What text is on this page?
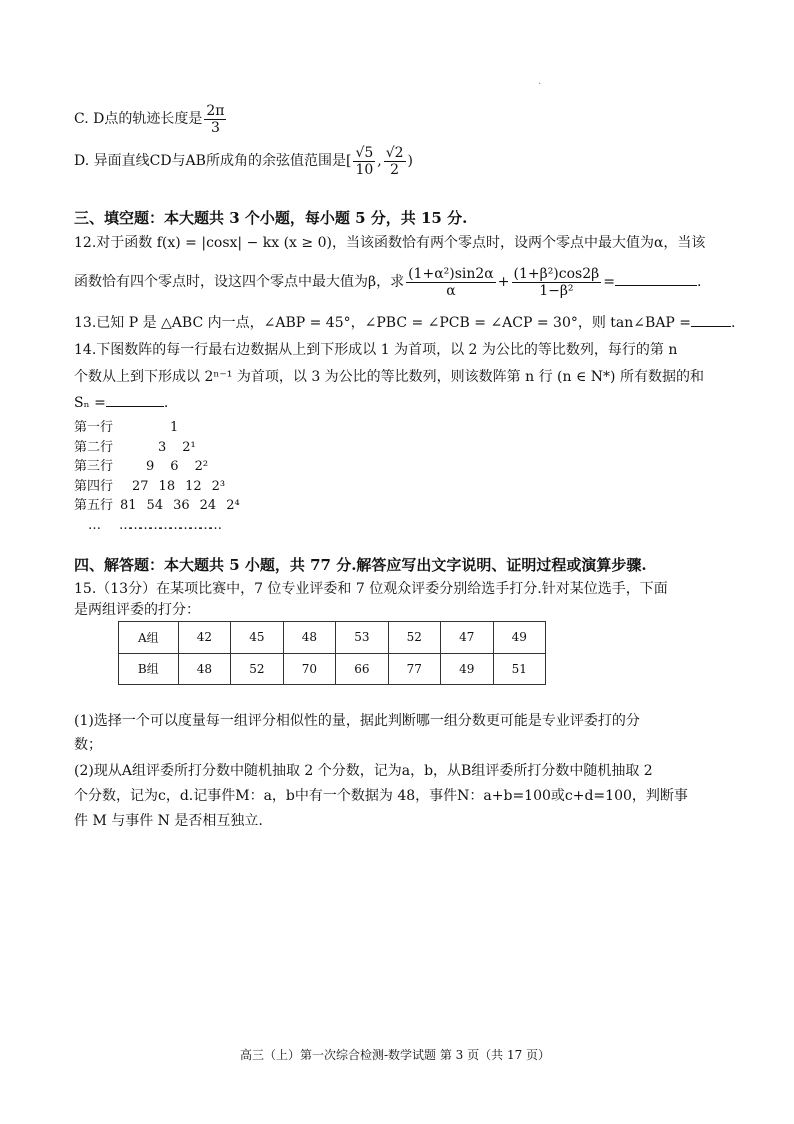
.
C. D点的轨迹长度是 $\frac{2\pi}{3}$
D. 异面直线CD与AB所成角的余弦值范围是[ $\frac{√5}{10}$ , $\frac{√2}{2}$ )
三、填空题：本大题共 3 个小题，每小题 5 分，共 15 分.
12.对于函数 f(x) = |cosx| − kx (x ≥ 0)，当该函数恰有两个零点时，设两个零点中最大值为α，当该
函数恰有四个零点时，设这四个零点中最大值为β，求 $\frac{\text{(1+α²)sin2α}}{\alpha} + \frac{\text{(1+β²)cos2β}}{\text{1−β²}}$ =	.
13.已知 P 是 △ABC 内一点，∠ABP = 45°，∠PBC = ∠PCB = ∠ACP = 30°，则 tan∠BAP =	.
14.下图数阵的每一行最右边数据从上到下形成以 1 为首项，以 2 为公比的等比数列，每行的第 n
个数从上到下形成以 2ⁿ⁻¹ 为首项，以 3 为公比的等比数列，则该数阵第 n 行 (n ∈ N*) 所有数据的和
Sₙ =	.
第一行	1
第二行	3 2¹
第三行	9 6 2²
第四行 27 18 12 2³
第五行 81 54 36 24 2⁴
… …………………………
四、解答题：本大题共 5 小题，共 77 分.解答应写出文字说明、证明过程或演算步骤.
15.（13分）在某项比赛中，7 位专业评委和 7 位观众评委分别给选手打分.针对某位选手，下面
是两组评委的打分：
A组	42	45	48	53	52	47	49
B组	48	52	70	66	77	49	51
(1)选择一个可以度量每一组评分相似性的量，据此判断哪一组分数更可能是专业评委打的分
数；
(2)现从A组评委所打分数中随机抽取 2 个分数，记为a，b，从B组评委所打分数中随机抽取 2
个分数，记为c，d.记事件M：a，b中有一个数据为 48，事件N：a+b=100或c+d=100，判断事
件 M 与事件 N 是否相互独立.
高三（上）第一次综合检测-数学试题 第 3 页（共 17 页）
